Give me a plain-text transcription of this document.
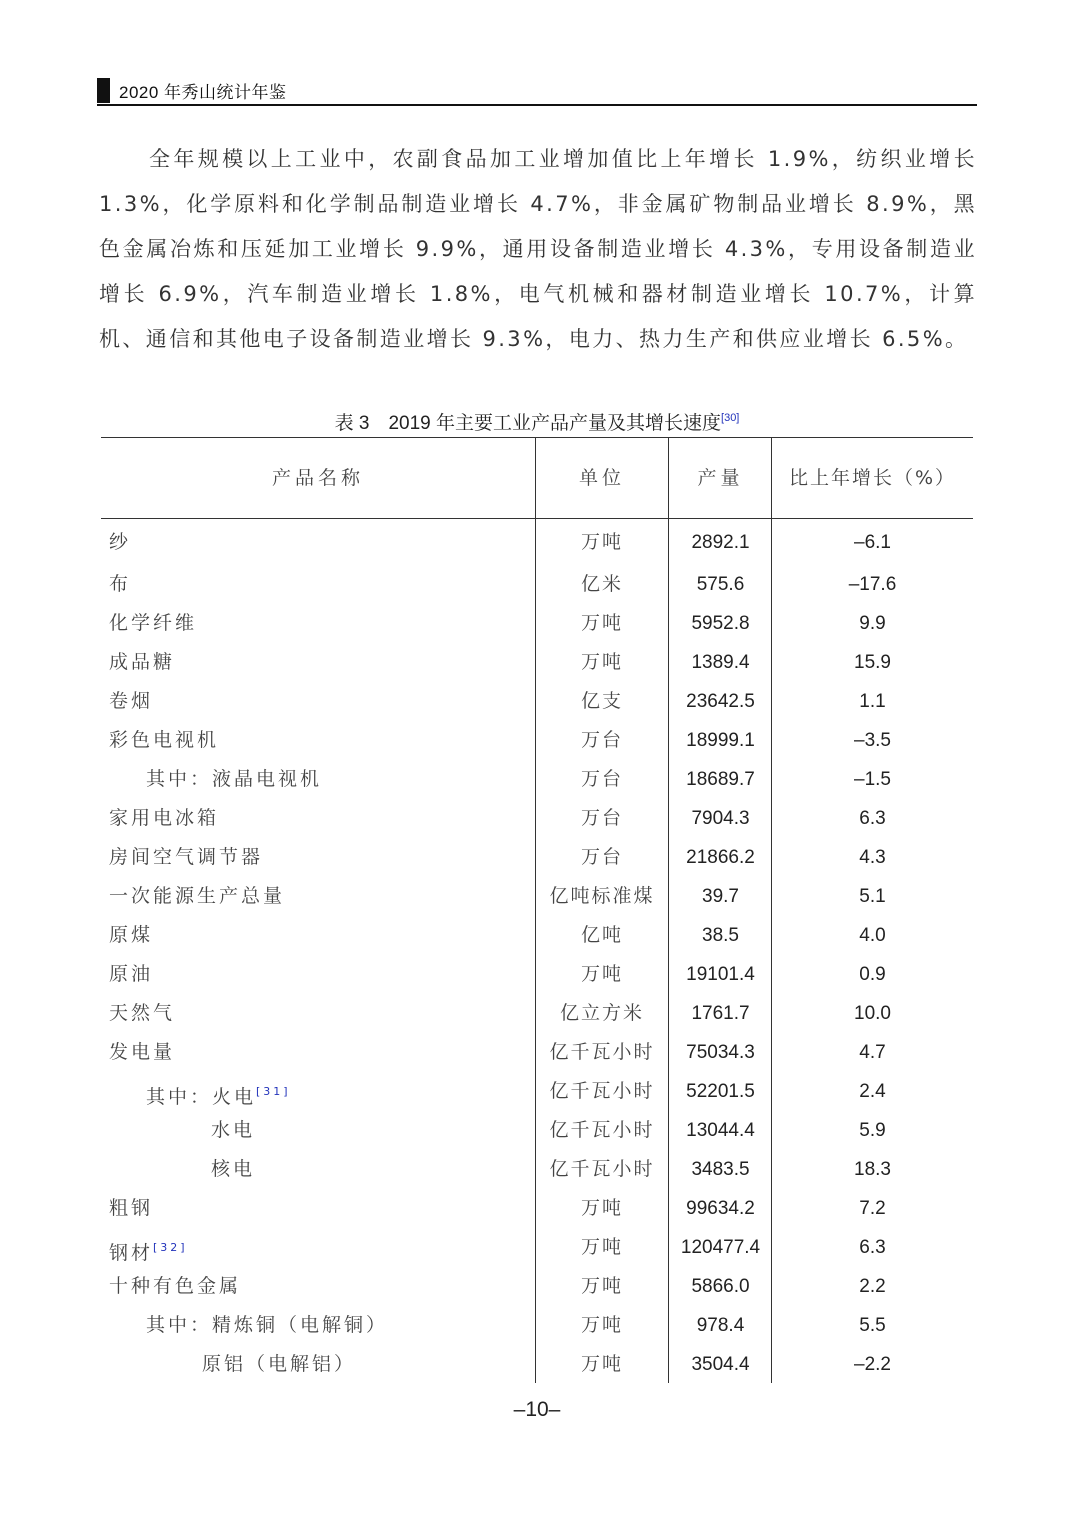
2020 年秀山统计年鉴

全年规模以上工业中，农副食品加工业增加值比上年增长 1.9%，纺织业增长 1.3%，化学原料和化学制品制造业增长 4.7%，非金属矿物制品业增长 8.9%，黑色金属冶炼和压延加工业增长 9.9%，通用设备制造业增长 4.3%，专用设备制造业增长 6.9%，汽车制造业增长 1.8%，电气机械和器材制造业增长 10.7%，计算机、通信和其他电子设备制造业增长 9.3%，电力、热力生产和供应业增长 6.5%。

表 3　2019 年主要工业产品产量及其增长速度[30]
产品名称	单位	产量	比上年增长（%）
纱	万吨	2892.1	–6.1
布	亿米	575.6	–17.6
化学纤维	万吨	5952.8	9.9
成品糖	万吨	1389.4	15.9
卷烟	亿支	23642.5	1.1
彩色电视机	万台	18999.1	–3.5
其中：液晶电视机	万台	18689.7	–1.5
家用电冰箱	万台	7904.3	6.3
房间空气调节器	万台	21866.2	4.3
一次能源生产总量	亿吨标准煤	39.7	5.1
原煤	亿吨	38.5	4.0
原油	万吨	19101.4	0.9
天然气	亿立方米	1761.7	10.0
发电量	亿千瓦小时	75034.3	4.7
其中：火电[31]	亿千瓦小时	52201.5	2.4
水电	亿千瓦小时	13044.4	5.9
核电	亿千瓦小时	3483.5	18.3
粗钢	万吨	99634.2	7.2
钢材[32]	万吨	120477.4	6.3
十种有色金属	万吨	5866.0	2.2
其中：精炼铜（电解铜）	万吨	978.4	5.5
原铝（电解铝）	万吨	3504.4	–2.2
–10–
